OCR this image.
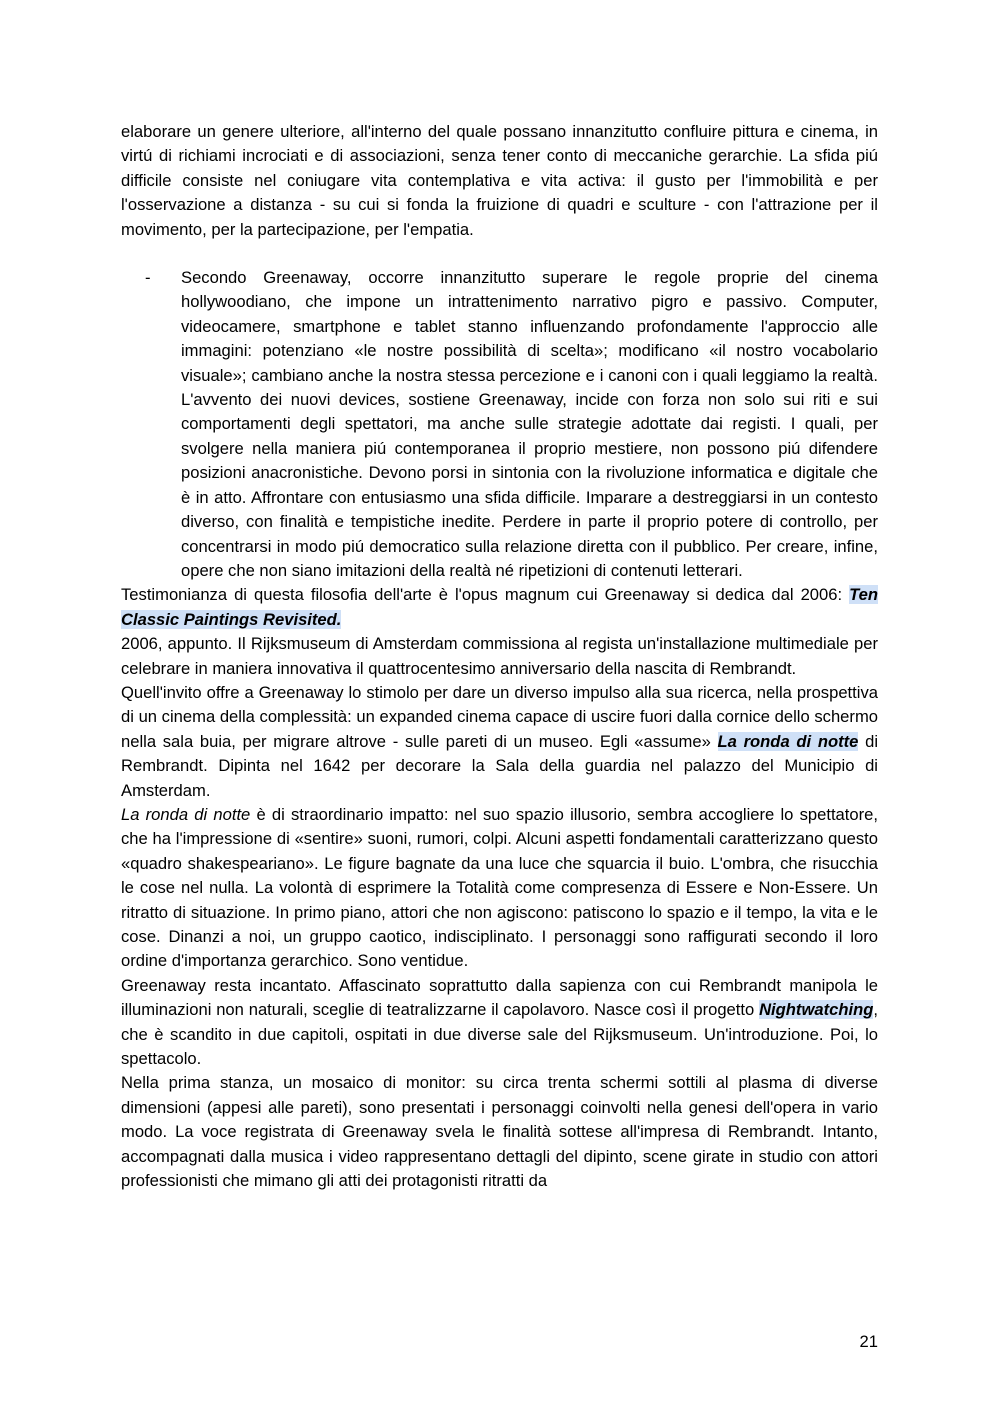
elaborare un genere ulteriore, all'interno del quale possano innanzitutto confluire pittura e cinema, in virtú di richiami incrociati e di associazioni, senza tener conto di meccaniche gerarchie. La sfida piú difficile consiste nel coniugare vita contemplativa e vita activa: il gusto per l'immobilità e per l'osservazione a distanza - su cui si fonda la fruizione di quadri e sculture - con l'attrazione per il movimento, per la partecipazione, per l'empatia.

- Secondo Greenaway, occorre innanzitutto superare le regole proprie del cinema hollywoodiano, che impone un intrattenimento narrativo pigro e passivo. Computer, videocamere, smartphone e tablet stanno influenzando profondamente l'approccio alle immagini: potenziano «le nostre possibilità di scelta»; modificano «il nostro vocabolario visuale»; cambiano anche la nostra stessa percezione e i canoni con i quali leggiamo la realtà. L'avvento dei nuovi devices, sostiene Greenaway, incide con forza non solo sui riti e sui comportamenti degli spettatori, ma anche sulle strategie adottate dai registi. I quali, per svolgere nella maniera piú contemporanea il proprio mestiere, non possono piú difendere posizioni anacronistiche. Devono porsi in sintonia con la rivoluzione informatica e digitale che è in atto. Affrontare con entusiasmo una sfida difficile. Imparare a destreggiarsi in un contesto diverso, con finalità e tempistiche inedite. Perdere in parte il proprio potere di controllo, per concentrarsi in modo piú democratico sulla relazione diretta con il pubblico. Per creare, infine, opere che non siano imitazioni della realtà né ripetizioni di contenuti letterari.

Testimonianza di questa filosofia dell'arte è l'opus magnum cui Greenaway si dedica dal 2006: Ten Classic Paintings Revisited.

2006, appunto. Il Rijksmuseum di Amsterdam commissiona al regista un'installazione multimediale per celebrare in maniera innovativa il quattrocentesimo anniversario della nascita di Rembrandt.

Quell'invito offre a Greenaway lo stimolo per dare un diverso impulso alla sua ricerca, nella prospettiva di un cinema della complessità: un expanded cinema capace di uscire fuori dalla cornice dello schermo nella sala buia, per migrare altrove - sulle pareti di un museo. Egli «assume» La ronda di notte di Rembrandt. Dipinta nel 1642 per decorare la Sala della guardia nel palazzo del Municipio di Amsterdam.

La ronda di notte è di straordinario impatto: nel suo spazio illusorio, sembra accogliere lo spettatore, che ha l'impressione di «sentire» suoni, rumori, colpi. Alcuni aspetti fondamentali caratterizzano questo «quadro shakespeariano». Le figure bagnate da una luce che squarcia il buio. L'ombra, che risucchia le cose nel nulla. La volontà di esprimere la Totalità come compresenza di Essere e Non-Essere. Un ritratto di situazione. In primo piano, attori che non agiscono: patiscono lo spazio e il tempo, la vita e le cose. Dinanzi a noi, un gruppo caotico, indisciplinato. I personaggi sono raffigurati secondo il loro ordine d'importanza gerarchico. Sono ventidue.

Greenaway resta incantato. Affascinato soprattutto dalla sapienza con cui Rembrandt manipola le illuminazioni non naturali, sceglie di teatralizzarne il capolavoro. Nasce così il progetto Nightwatching, che è scandito in due capitoli, ospitati in due diverse sale del Rijksmuseum. Un'introduzione. Poi, lo spettacolo.

Nella prima stanza, un mosaico di monitor: su circa trenta schermi sottili al plasma di diverse dimensioni (appesi alle pareti), sono presentati i personaggi coinvolti nella genesi dell'opera in vario modo. La voce registrata di Greenaway svela le finalità sottese all'impresa di Rembrandt. Intanto, accompagnati dalla musica i video rappresentano dettagli del dipinto, scene girate in studio con attori professionisti che mimano gli atti dei protagonisti ritratti da

21
